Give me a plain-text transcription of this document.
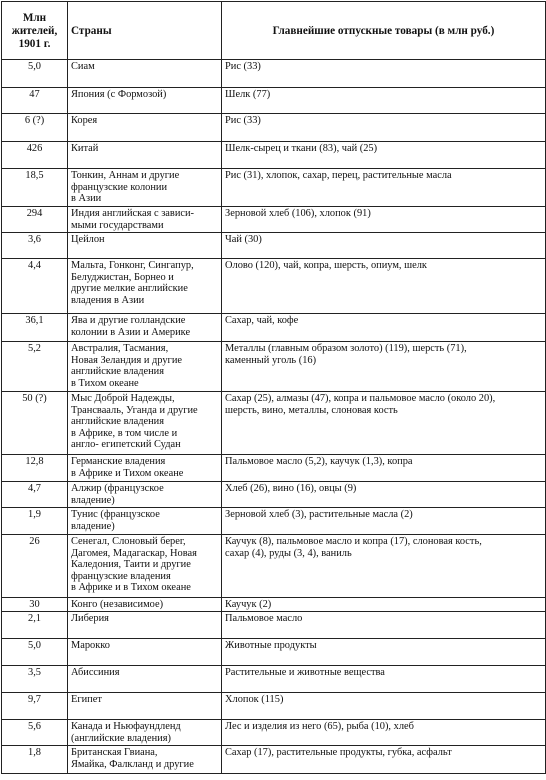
Млн
жителей,
1901 г.	Страны	Главнейшие отпускные товары (в млн руб.)

5,0	Сиам	Рис (33)

47	Япония (с Формозой)	Шелк (77)

6 (?)	Корея	Рис (33)

426	Китай	Шелк-сырец и ткани (83), чай (25)

18,5	Тонкин, Аннам и другие
французские колонии
в Азии	Рис (31), хлопок, сахар, перец, растительные масла

294	Индия английская с зависи-
мыми государствами	Зерновой хлеб (106), хлопок (91)

3,6	Цейлон	Чай (30)

4,4	Мальта, Гонконг, Сингапур,
Белуджистан, Борнео и
другие мелкие английские
владения в Азии	Олово (120), чай, копра, шерсть, опиум, шелк

36,1	Ява и другие голландские
колонии в Азии и Америке	Сахар, чай, кофе

5,2	Австралия, Тасмания,
Новая Зеландия и другие
английские владения
в Тихом океане	Металлы (главным образом золото) (119), шерсть (71),
каменный уголь (16)

50 (?)	Мыс Доброй Надежды,
Трансвааль, Уганда и другие
английские владения
в Африке, в том числе и
англо- египетский Судан	Сахар (25), алмазы (47), копра и пальмовое масло (около 20),
шерсть, вино, металлы, слоновая кость

12,8	Германские владения
в Африке и Тихом океане	Пальмовое масло (5,2), каучук (1,3), копра

4,7	Алжир (французское
владение)	Хлеб (26), вино (16), овцы (9)

1,9	Тунис (французское
владение)	Зерновой хлеб (3), растительные масла (2)

26	Сенегал, Слоновый берег,
Дагомея, Мадагаскар, Новая
Каледония, Таити и другие
французские владения
в Африке и в Тихом океане	Каучук (8), пальмовое масло и копра (17), слоновая кость,
сахар (4), руды (3, 4), ваниль

30	Конго (независимое)	Каучук (2)

2,1	Либерия	Пальмовое масло

5,0	Марокко	Животные продукты

3,5	Абиссиния	Растительные и животные вещества

9,7	Египет	Хлопок (115)

5,6	Канада и Ньюфаундленд
(английские владения)	Лес и изделия из него (65), рыба (10), хлеб

1,8	Британская Гвиана,
Ямайка, Фалкланд и другие	Сахар (17), растительные продукты, губка, асфальт
